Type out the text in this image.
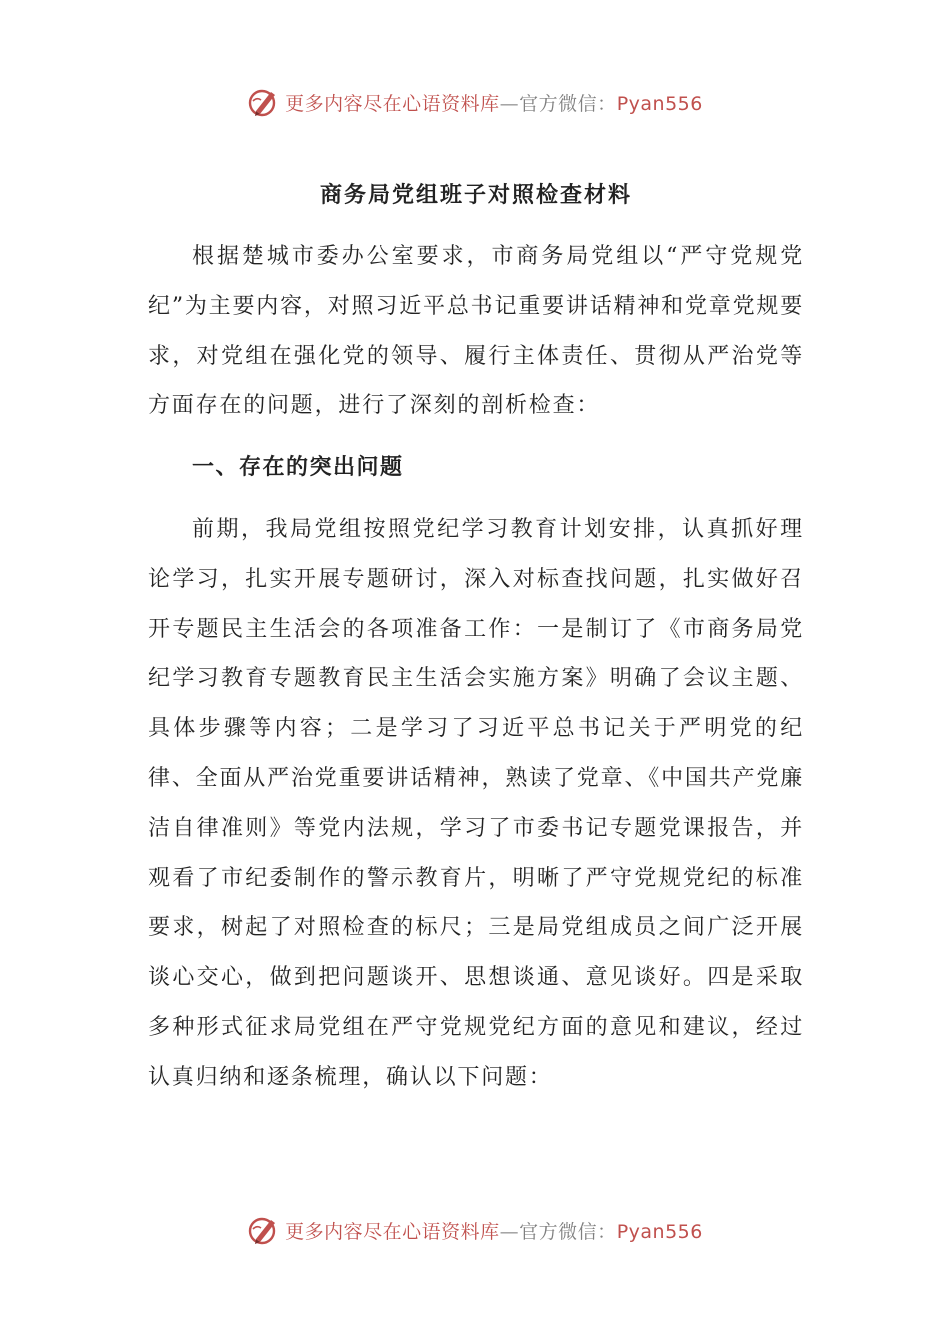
更多内容尽在心语资料库—官方微信：Pyan556
商务局党组班子对照检查材料

根据楚城市委办公室要求，市商务局党组以“严守党规党纪”为主要内容，对照习近平总书记重要讲话精神和党章党规要求，对党组在强化党的领导、履行主体责任、贯彻从严治党等方面存在的问题，进行了深刻的剖析检查：

一、存在的突出问题

前期，我局党组按照党纪学习教育计划安排，认真抓好理论学习，扎实开展专题研讨，深入对标查找问题，扎实做好召开专题民主生活会的各项准备工作：一是制订了《市商务局党纪学习教育专题教育民主生活会实施方案》明确了会议主题、具体步骤等内容；二是学习了习近平总书记关于严明党的纪律、全面从严治党重要讲话精神，熟读了党章、《中国共产党廉洁自律准则》等党内法规，学习了市委书记专题党课报告，并观看了市纪委制作的警示教育片，明晰了严守党规党纪的标准要求，树起了对照检查的标尺；三是局党组成员之间广泛开展谈心交心，做到把问题谈开、思想谈通、意见谈好。四是采取多种形式征求局党组在严守党规党纪方面的意见和建议，经过认真归纳和逐条梳理，确认以下问题：

更多内容尽在心语资料库—官方微信：Pyan556
